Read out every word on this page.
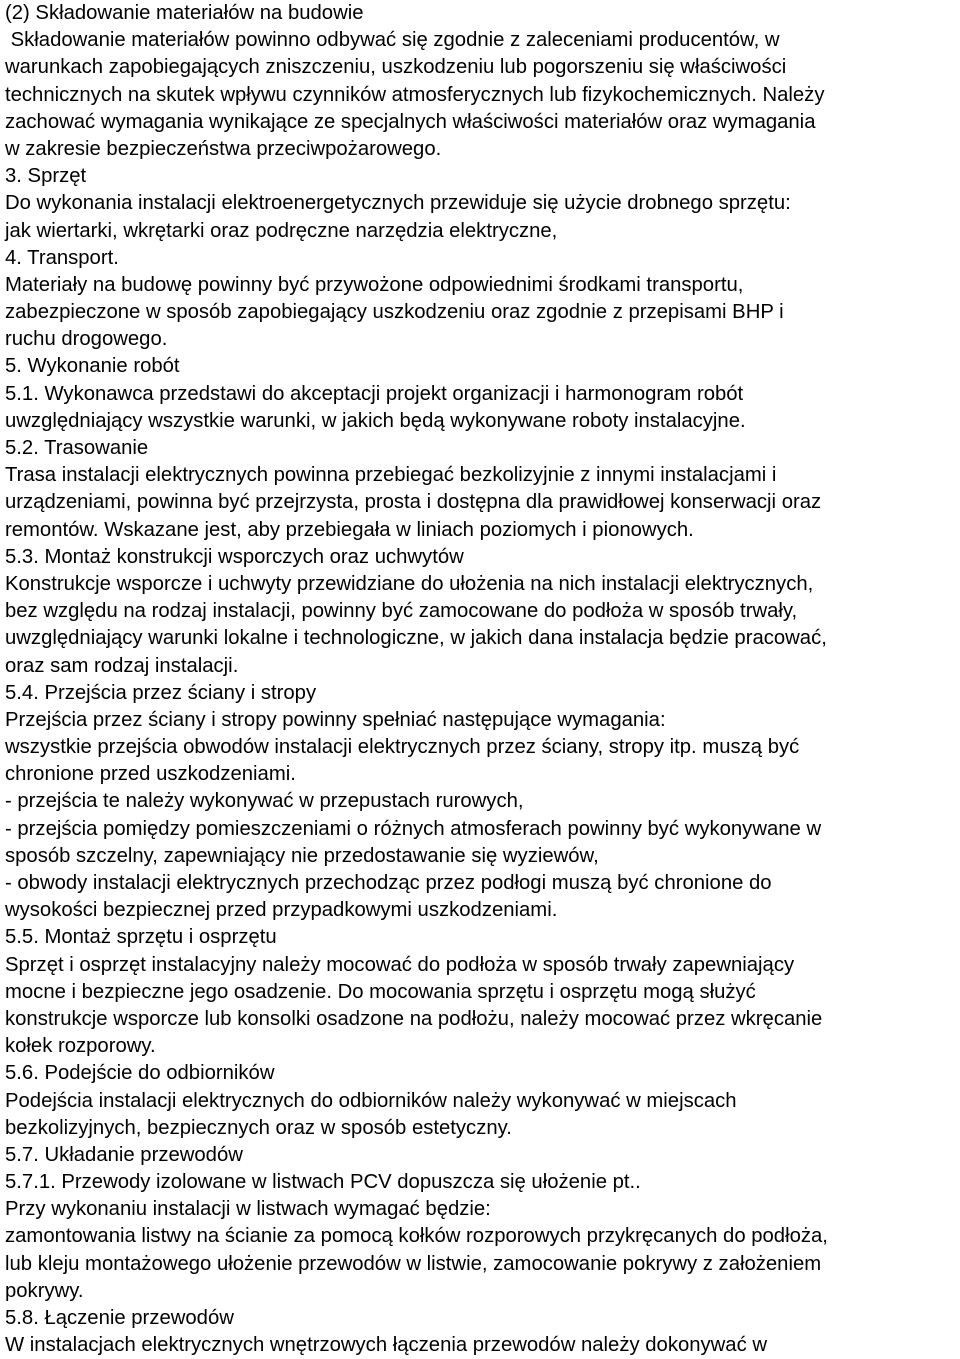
(2) Składowanie materiałów na budowie
Składowanie materiałów powinno odbywać się zgodnie z zaleceniami producentów, w
warunkach zapobiegających zniszczeniu, uszkodzeniu lub pogorszeniu się właściwości
technicznych na skutek wpływu czynników atmosferycznych lub fizykochemicznych. Należy
zachować wymagania wynikające ze specjalnych właściwości materiałów oraz wymagania
w zakresie bezpieczeństwa przeciwpożarowego.
3. Sprzęt
Do wykonania instalacji elektroenergetycznych przewiduje się użycie drobnego sprzętu:
jak wiertarki, wkrętarki oraz podręczne narzędzia elektryczne,
4. Transport.
Materiały na budowę powinny być przywożone odpowiednimi środkami transportu,
zabezpieczone w sposób zapobiegający uszkodzeniu oraz zgodnie z przepisami BHP i
ruchu drogowego.
5. Wykonanie robót
5.1. Wykonawca przedstawi do akceptacji projekt organizacji i harmonogram robót
uwzględniający wszystkie warunki, w jakich będą wykonywane roboty instalacyjne.
5.2. Trasowanie
Trasa instalacji elektrycznych powinna przebiegać bezkolizyjnie z innymi instalacjami i
urządzeniami, powinna być przejrzysta, prosta i dostępna dla prawidłowej konserwacji oraz
remontów. Wskazane jest, aby przebiegała w liniach poziomych i pionowych.
5.3. Montaż konstrukcji wsporczych oraz uchwytów
Konstrukcje wsporcze i uchwyty przewidziane do ułożenia na nich instalacji elektrycznych,
bez względu na rodzaj instalacji, powinny być zamocowane do podłoża w sposób trwały,
uwzględniający warunki lokalne i technologiczne, w jakich dana instalacja będzie pracować,
oraz sam rodzaj instalacji.
5.4. Przejścia przez ściany i stropy
Przejścia przez ściany i stropy powinny spełniać następujące wymagania:
wszystkie przejścia obwodów instalacji elektrycznych przez ściany, stropy itp. muszą być
chronione przed uszkodzeniami.
- przejścia te należy wykonywać w przepustach rurowych,
- przejścia pomiędzy pomieszczeniami o różnych atmosferach powinny być wykonywane w
sposób szczelny, zapewniający nie przedostawanie się wyziewów,
- obwody instalacji elektrycznych przechodząc przez podłogi muszą być chronione do
wysokości bezpiecznej przed przypadkowymi uszkodzeniami.
5.5. Montaż sprzętu i osprzętu
Sprzęt i osprzęt instalacyjny należy mocować do podłoża w sposób trwały zapewniający
mocne i bezpieczne jego osadzenie. Do mocowania sprzętu i osprzętu mogą służyć
konstrukcje wsporcze lub konsolki osadzone na podłożu, należy mocować przez wkręcanie
kołek rozporowy.
5.6. Podejście do odbiorników
Podejścia instalacji elektrycznych do odbiorników należy wykonywać w miejscach
bezkolizyjnych, bezpiecznych oraz w sposób estetyczny.
5.7. Układanie przewodów
5.7.1. Przewody izolowane w listwach PCV dopuszcza się ułożenie pt..
Przy wykonaniu instalacji w listwach wymagać będzie:
zamontowania listwy na ścianie za pomocą kołków rozporowych przykręcanych do podłoża,
lub kleju montażowego ułożenie przewodów w listwie, zamocowanie pokrywy z założeniem
pokrywy.
5.8. Łączenie przewodów
W instalacjach elektrycznych wnętrzowych łączenia przewodów należy dokonywać w
